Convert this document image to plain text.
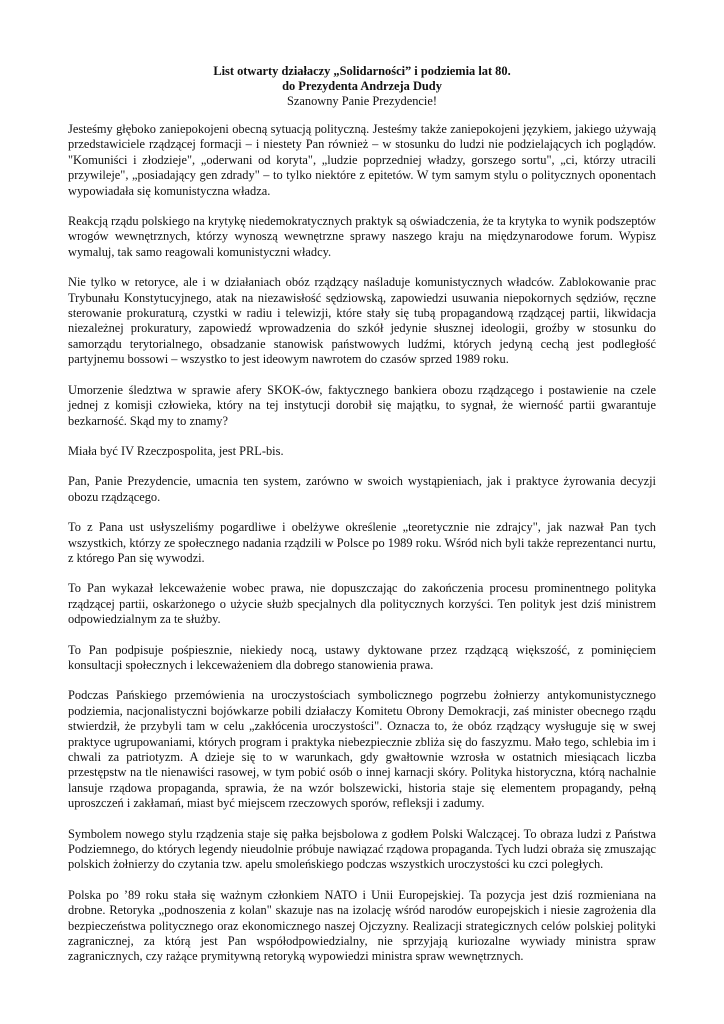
List otwarty działaczy „Solidarności” i podziemia lat 80.
do Prezydenta Andrzeja Dudy
Szanowny Panie Prezydencie!

Jesteśmy głęboko zaniepokojeni obecną sytuacją polityczną. Jesteśmy także zaniepokojeni językiem, jakiego używają przedstawiciele rządzącej formacji – i niestety Pan również – w stosunku do ludzi nie podzielających ich poglądów. "Komuniści i złodzieje", „oderwani od koryta", „ludzie poprzedniej władzy, gorszego sortu", „ci, którzy utracili przywileje", „posiadający gen zdrady" – to tylko niektóre z epitetów. W tym samym stylu o politycznych oponentach wypowiadała się komunistyczna władza.

Reakcją rządu polskiego na krytykę niedemokratycznych praktyk są oświadczenia, że ta krytyka to wynik podszeptów wrogów wewnętrznych, którzy wynoszą wewnętrzne sprawy naszego kraju na międzynarodowe forum. Wypisz wymaluj, tak samo reagowali komunistyczni władcy.

Nie tylko w retoryce, ale i w działaniach obóz rządzący naśladuje komunistycznych władców. Zablokowanie prac Trybunału Konstytucyjnego, atak na niezawisłość sędziowską, zapowiedzi usuwania niepokornych sędziów, ręczne sterowanie prokuraturą, czystki w radiu i telewizji, które stały się tubą propagandową rządzącej partii, likwidacja niezależnej prokuratury, zapowiedź wprowadzenia do szkół jedynie słusznej ideologii, groźby w stosunku do samorządu terytorialnego, obsadzanie stanowisk państwowych ludźmi, których jedyną cechą jest podległość partyjnemu bossowi – wszystko to jest ideowym nawrotem do czasów sprzed 1989 roku.

Umorzenie śledztwa w sprawie afery SKOK-ów, faktycznego bankiera obozu rządzącego i postawienie na czele jednej z komisji człowieka, który na tej instytucji dorobił się majątku, to sygnał, że wierność partii gwarantuje bezkarność. Skąd my to znamy?

Miała być IV Rzeczpospolita, jest PRL-bis.

Pan, Panie Prezydencie, umacnia ten system, zarówno w swoich wystąpieniach, jak i praktyce żyrowania decyzji obozu rządzącego.

To z Pana ust usłyszeliśmy pogardliwe i obelżywe określenie „teoretycznie nie zdrajcy", jak nazwał Pan tych wszystkich, którzy ze społecznego nadania rządzili w Polsce po 1989 roku. Wśród nich byli także reprezentanci nurtu, z którego Pan się wywodzi.

To Pan wykazał lekceważenie wobec prawa, nie dopuszczając do zakończenia procesu prominentnego polityka rządzącej partii, oskarżonego o użycie służb specjalnych dla politycznych korzyści. Ten polityk jest dziś ministrem odpowiedzialnym za te służby.

To Pan podpisuje pośpiesznie, niekiedy nocą, ustawy dyktowane przez rządzącą większość, z pominięciem konsultacji społecznych i lekceważeniem dla dobrego stanowienia prawa.

Podczas Pańskiego przemówienia na uroczystościach symbolicznego pogrzebu żołnierzy antykomunistycznego podziemia, nacjonalistyczni bojówkarze pobili działaczy Komitetu Obrony Demokracji, zaś minister obecnego rządu stwierdził, że przybyli tam w celu „zakłócenia uroczystości". Oznacza to, że obóz rządzący wysługuje się w swej praktyce ugrupowaniami, których program i praktyka niebezpiecznie zbliża się do faszyzmu. Mało tego, schlebia im i chwali za patriotyzm. A dzieje się to w warunkach, gdy gwałtownie wzrosła w ostatnich miesiącach liczba przestępstw na tle nienawiści rasowej, w tym pobić osób o innej karnacji skóry. Polityka historyczna, którą nachalnie lansuje rządowa propaganda, sprawia, że na wzór bolszewicki, historia staje się elementem propagandy, pełną uproszczeń i zakłamań, miast być miejscem rzeczowych sporów, refleksji i zadumy.

Symbolem nowego stylu rządzenia staje się pałka bejsbolowa z godłem Polski Walczącej. To obraza ludzi z Państwa Podziemnego, do których legendy nieudolnie próbuje nawiązać rządowa propaganda. Tych ludzi obraża się zmuszając polskich żołnierzy do czytania tzw. apelu smoleńskiego podczas wszystkich uroczystości ku czci poległych.

Polska po ’89 roku stała się ważnym członkiem NATO i Unii Europejskiej. Ta pozycja jest dziś rozmieniana na drobne. Retoryka „podnoszenia z kolan" skazuje nas na izolację wśród narodów europejskich i niesie zagrożenia dla bezpieczeństwa politycznego oraz ekonomicznego naszej Ojczyzny. Realizacji strategicznych celów polskiej polityki zagranicznej, za którą jest Pan współodpowiedzialny, nie sprzyjają kuriozalne wywiady ministra spraw zagranicznych, czy rażące prymitywną retoryką wypowiedzi ministra spraw wewnętrznych.
